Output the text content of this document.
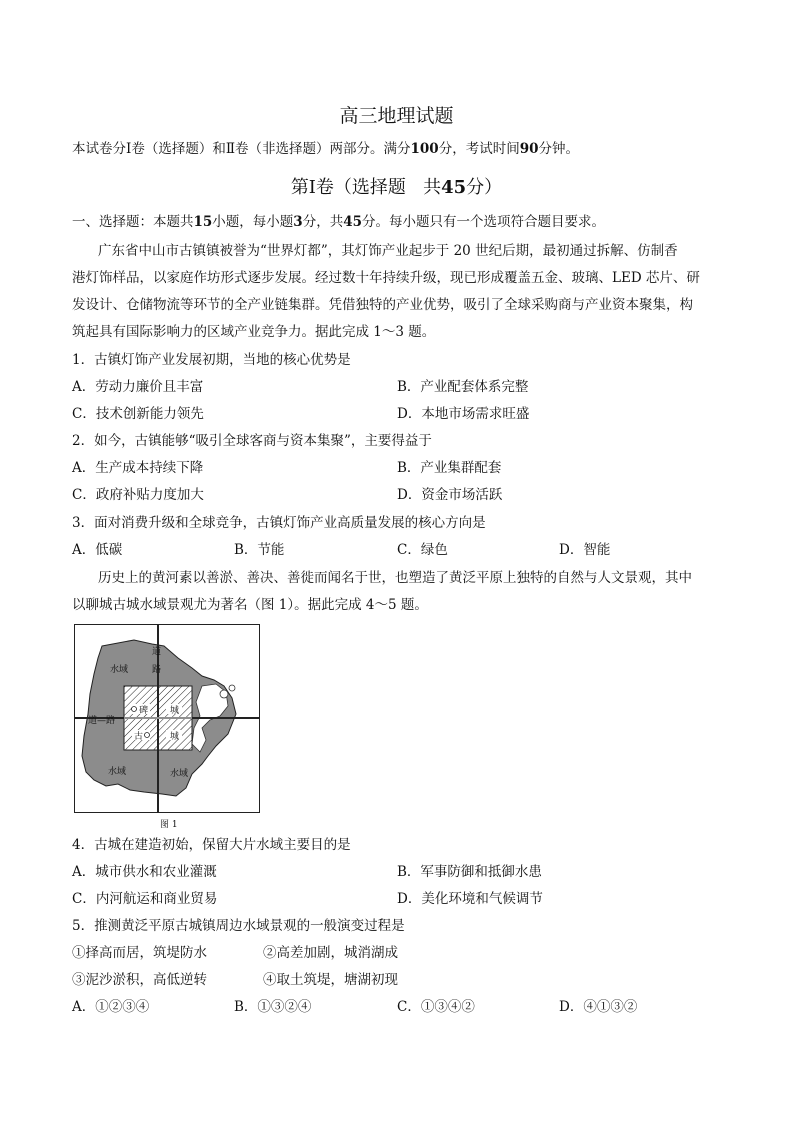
高三地理试题
本试卷分Ⅰ卷（选择题）和Ⅱ卷（非选择题）两部分。满分100分，考试时间90分钟。
第Ⅰ卷（选择题 共45分）
一、选择题：本题共15小题，每小题3分，共45分。每小题只有一个选项符合题目要求。
广东省中山市古镇镇被誉为“世界灯都”，其灯饰产业起步于 20 世纪后期，最初通过拆解、仿制香
港灯饰样品，以家庭作坊形式逐步发展。经过数十年持续升级，现已形成覆盖五金、玻璃、LED 芯片、研
发设计、仓储物流等环节的全产业链集群。凭借独特的产业优势，吸引了全球采购商与产业资本聚集，构
筑起具有国际影响力的区域产业竞争力。据此完成 1～3 题。
1．古镇灯饰产业发展初期，当地的核心优势是
A．劳动力廉价且丰富	B．产业配套体系完整
C．技术创新能力领先	D．本地市场需求旺盛
2．如今，古镇能够“吸引全球客商与资本集聚”，主要得益于
A．生产成本持续下降	B．产业集群配套
C．政府补贴力度加大	D．资金市场活跃
3．面对消费升级和全球竞争，古镇灯饰产业高质量发展的核心方向是
A．低碳	B．节能	C．绿色	D．智能
历史上的黄河素以善淤、善决、善徙而闻名于世，也塑造了黄泛平原上独特的自然与人文景观，其中
以聊城古城水域景观尤为著名（图 1）。据此完成 4～5 题。
水域
水域	水域
道
路
道—路
城
城
碑
古
图 1
4．古城在建造初始，保留大片水域主要目的是
A．城市供水和农业灌溉	B．军事防御和抵御水患
C．内河航运和商业贸易	D．美化环境和气候调节
5．推测黄泛平原古城镇周边水域景观的一般演变过程是
①择高而居，筑堤防水	②高差加剧，城消湖成
③泥沙淤积，高低逆转	④取土筑堤，塘湖初现
A．①②③④	B．①③②④	C．①③④②	D．④①③②
